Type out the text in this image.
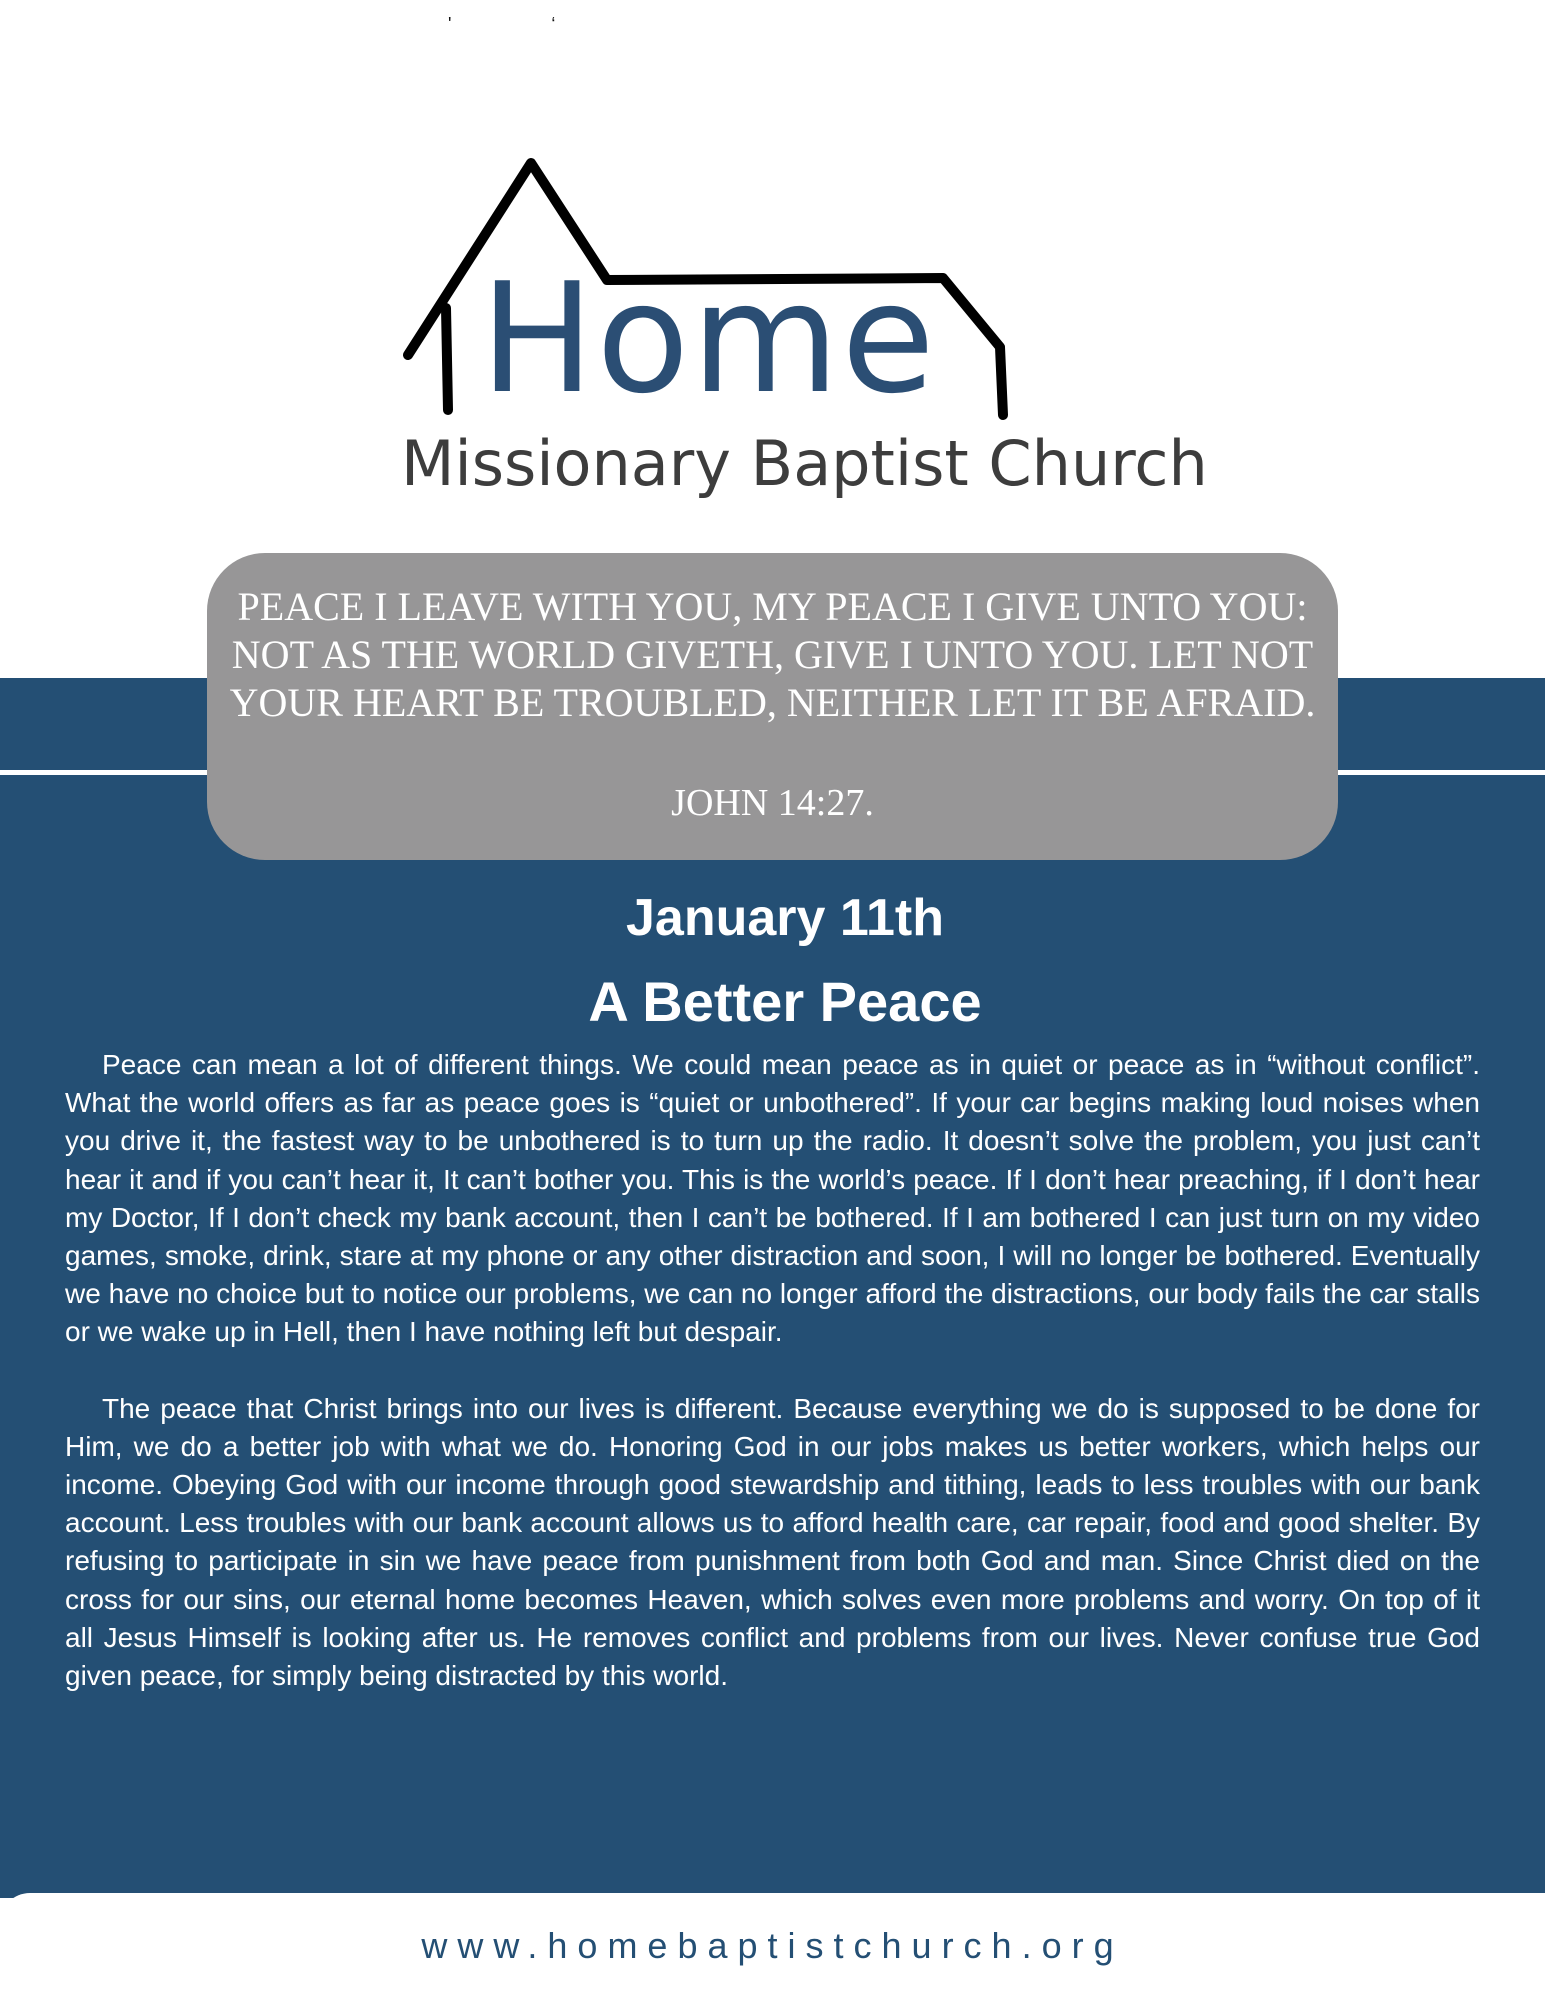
'‘
Home
Missionary Baptist Church
PEACE I LEAVE WITH YOU, MY PEACE I GIVE UNTO YOU: NOT AS THE WORLD GIVETH, GIVE I UNTO YOU. LET NOT YOUR HEART BE TROUBLED, NEITHER LET IT BE AFRAID.
JOHN 14:27.
January 11th
A Better Peace

Peace can mean a lot of different things. We could mean peace as in quiet or peace as in “without conflict”. What the world offers as far as peace goes is “quiet or unbothered”. If your car begins making loud noises when you drive it, the fastest way to be unbothered is to turn up the radio. It doesn’t solve the problem, you just can’t hear it and if you can’t hear it, It can’t bother you. This is the world’s peace. If I don’t hear preaching, if I don’t hear my Doctor, If I don’t check my bank account, then I can’t be bothered. If I am bothered I can just turn on my video games, smoke, drink, stare at my phone or any other distraction and soon, I will no longer be bothered. Eventually we have no choice but to notice our problems, we can no longer afford the distractions, our body fails the car stalls or we wake up in Hell, then I have nothing left but despair.

The peace that Christ brings into our lives is different. Because everything we do is supposed to be done for Him, we do a better job with what we do. Honoring God in our jobs makes us better workers, which helps our income. Obeying God with our income through good stewardship and tithing, leads to less troubles with our bank account. Less troubles with our bank account allows us to afford health care, car repair, food and good shelter. By refusing to participate in sin we have peace from punishment from both God and man. Since Christ died on the cross for our sins, our eternal home becomes Heaven, which solves even more problems and worry. On top of it all Jesus Himself is looking after us. He removes conflict and problems from our lives. Never confuse true God given peace, for simply being distracted by this world.

www.homebaptistchurch.org
